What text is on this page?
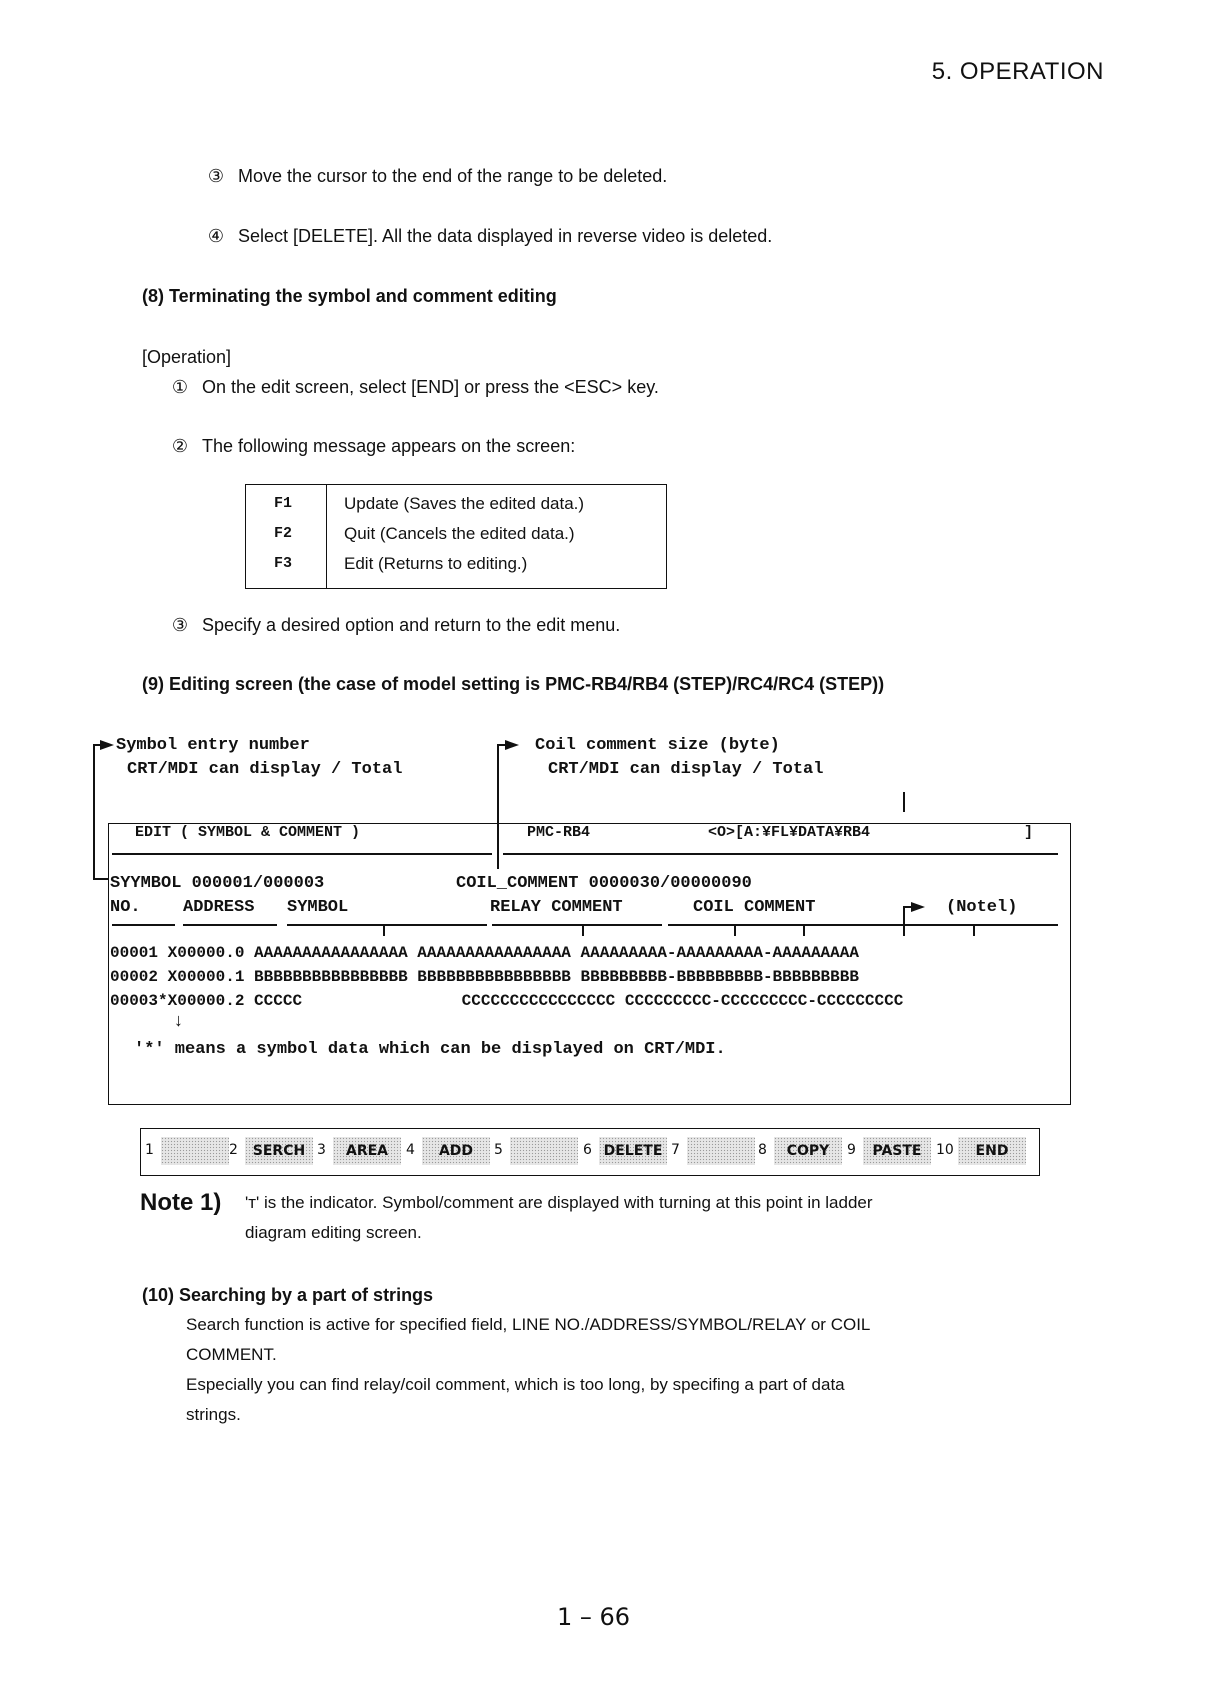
5. OPERATION
③ Move the cursor to the end of the range to be deleted.
④ Select [DELETE]. All the data displayed in reverse video is deleted.
(8) Terminating the symbol and comment editing
[Operation]
① On the edit screen, select [END] or press the <ESC> key.
② The following message appears on the screen:
F1	Update (Saves the edited data.)
F2	Quit (Cancels the edited data.)
F3	Edit (Returns to editing.)
③ Specify a desired option and return to the edit menu.
(9) Editing screen (the case of model setting is PMC-RB4/RB4 (STEP)/RC4/RC4 (STEP))
Symbol entry number
CRT/MDI can display / Total
Coil comment size (byte)
CRT/MDI can display / Total
EDIT ( SYMBOL & COMMENT )	PMC-RB4	<O>[A:¥FL¥DATA¥RB4	]
SYYMBOL 000001/000003	COIL_COMMENT 0000030/00000090
NO. ADDRESS SYMBOL	RELAY COMMENT	COIL COMMENT	(Notel)
00001 X00000.0 AAAAAAAAAAAAAAAA AAAAAAAAAAAAAAAA AAAAAAAAA-AAAAAAAAA-AAAAAAAAA
00002 X00000.1 BBBBBBBBBBBBBBBB BBBBBBBBBBBBBBBB BBBBBBBBB-BBBBBBBBB-BBBBBBBBB
00003*X00000.2 CCCCC	CCCCCCCCCCCCCCCC CCCCCCCCC-CCCCCCCCC-CCCCCCCCC
↓
'*' means a symbol data which can be displayed on CRT/MDI.
1	2	SERCH 3	AREA	4	ADD	5	6 DELETE 7	8	COPY	9	PASTE	10	END
Note 1) 'т' is the indicator. Symbol/comment are displayed with turning at this point in ladder
diagram editing screen.
(10) Searching by a part of strings
Search function is active for specified field, LINE NO./ADDRESS/SYMBOL/RELAY or COIL
COMMENT.
Especially you can find relay/coil comment, which is too long, by specifing a part of data
strings.
1 – 66
